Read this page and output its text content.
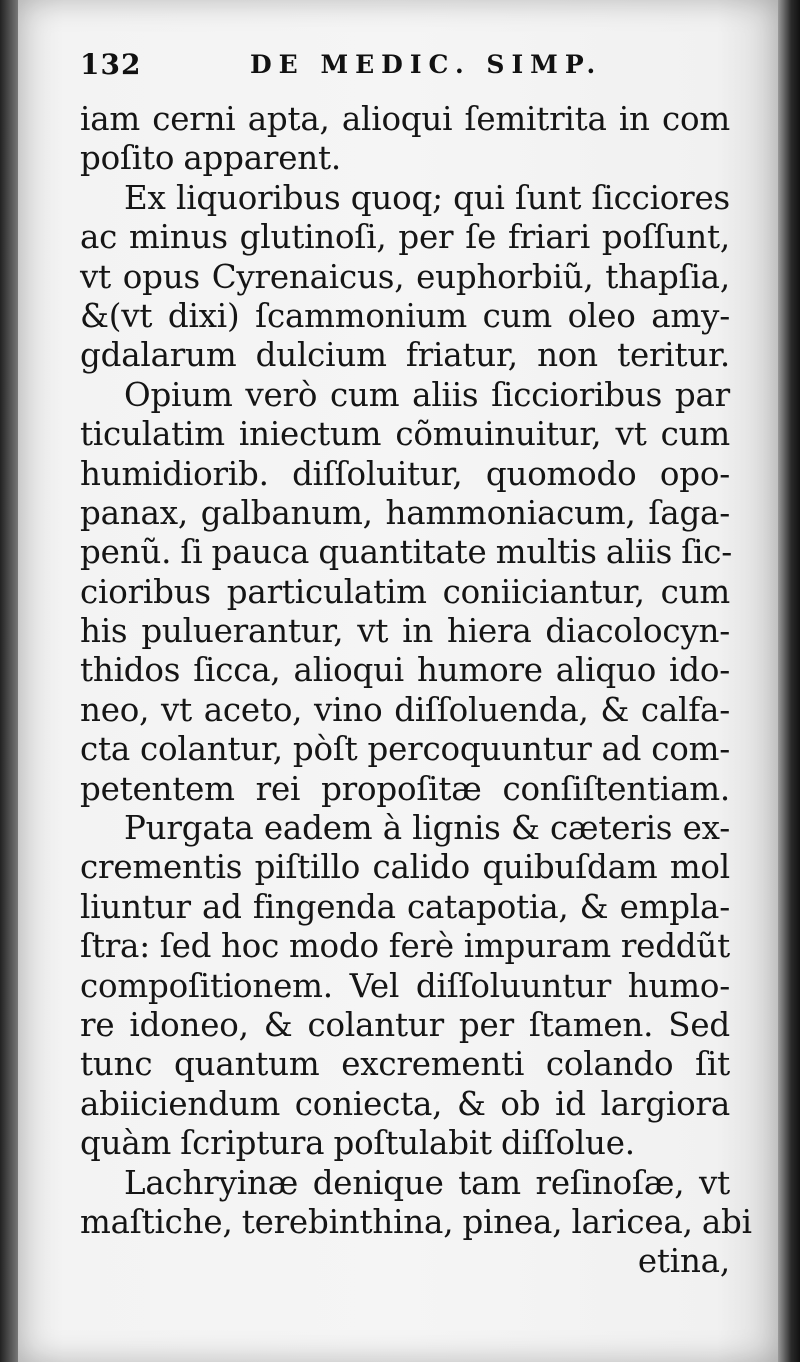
132	DE MEDIC. SIMP.
iam cerni apta, alioqui ſemitrita in com
poſito apparent.
Ex liquoribus quoq; qui ſunt ſicciores
ac minus glutinoſi, per ſe friari poſſunt,
vt opus Cyrenaicus, euphorbiũ, thapſia,
&(vt dixi) ſcammonium cum oleo amy-
gdalarum dulcium friatur, non teritur.
Opium verò cum aliis ſiccioribus par
ticulatim iniectum cõmuinuitur, vt cum
humidiorib. diſſoluitur, quomodo opo-
panax, galbanum, hammoniacum, ſaga-
penũ. ſi pauca quantitate multis aliis ſic-
cioribus particulatim coniiciantur, cum
his puluerantur, vt in hiera diacolocyn-
thidos ſicca, alioqui humore aliquo ido-
neo, vt aceto, vino diſſoluenda, & calfa-
cta colantur, pòſt percoquuntur ad com-
petentem rei propoſitæ conſiſtentiam.
Purgata eadem à lignis & cæteris ex-
crementis piſtillo calido quibuſdam mol
liuntur ad fingenda catapotia, & empla-
ſtra: ſed hoc modo ferè impuram reddũt
compoſitionem. Vel diſſoluuntur humo-
re idoneo, & colantur per ſtamen. Sed
tunc quantum excrementi colando ſit
abiiciendum coniecta, & ob id largiora
quàm ſcriptura poſtulabit diſſolue.
Lachryinæ denique tam reſinoſæ, vt
maſtiche, terebinthina, pinea, laricea, abi
etina,
